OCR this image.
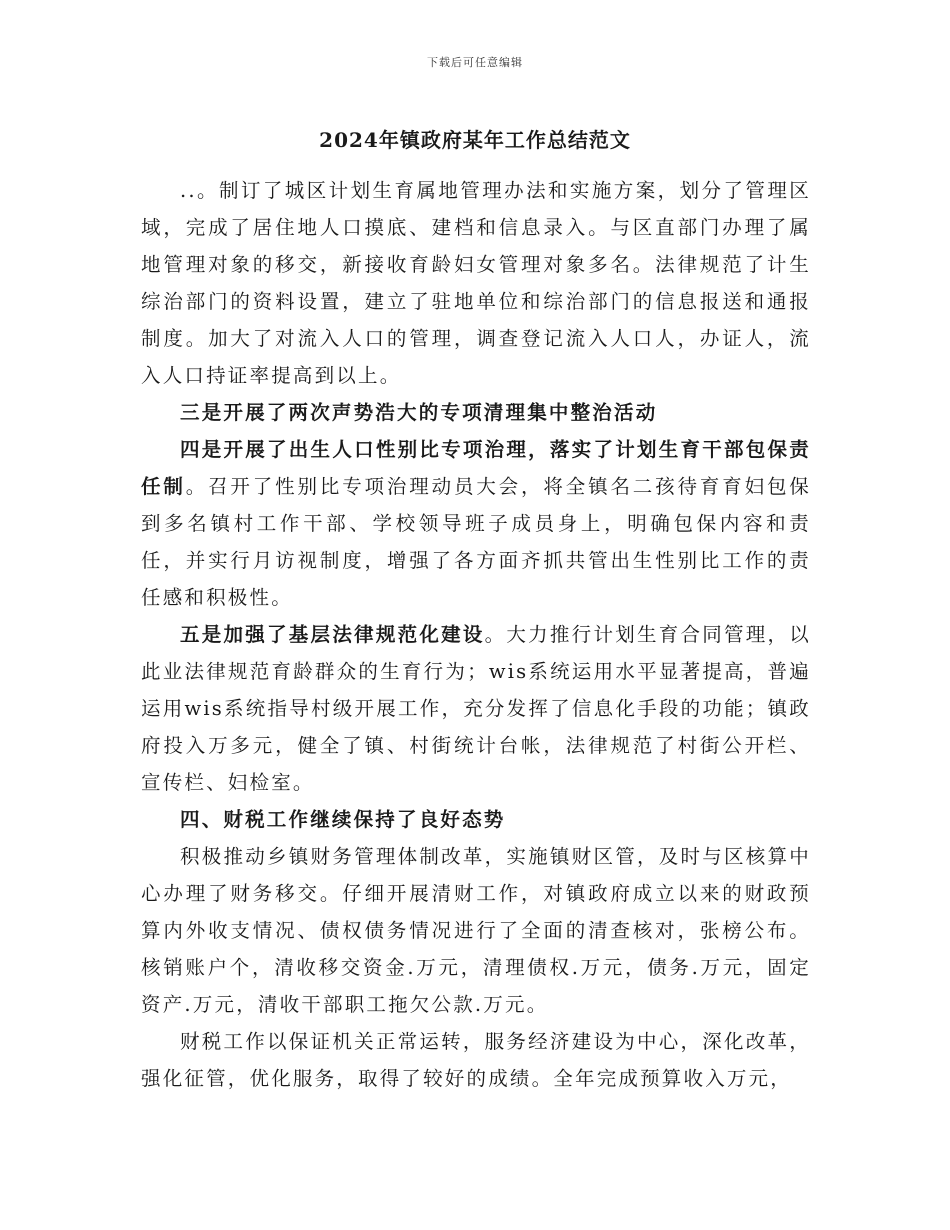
下载后可任意编辑
2024年镇政府某年工作总结范文

..。制订了城区计划生育属地管理办法和实施方案，划分了管理区域，完成了居住地人口摸底、建档和信息录入。与区直部门办理了属地管理对象的移交，新接收育龄妇女管理对象多名。法律规范了计生综治部门的资料设置，建立了驻地单位和综治部门的信息报送和通报制度。加大了对流入人口的管理，调查登记流入人口人，办证人，流入人口持证率提高到以上。

三是开展了两次声势浩大的专项清理集中整治活动

四是开展了出生人口性别比专项治理，落实了计划生育干部包保责任制。召开了性别比专项治理动员大会，将全镇名二孩待育育妇包保到多名镇村工作干部、学校领导班子成员身上，明确包保内容和责任，并实行月访视制度，增强了各方面齐抓共管出生性别比工作的责任感和积极性。

五是加强了基层法律规范化建设。大力推行计划生育合同管理，以此业法律规范育龄群众的生育行为；wis系统运用水平显著提高，普遍运用wis系统指导村级开展工作，充分发挥了信息化手段的功能；镇政府投入万多元，健全了镇、村街统计台帐，法律规范了村街公开栏、宣传栏、妇检室。

四、财税工作继续保持了良好态势

积极推动乡镇财务管理体制改革，实施镇财区管，及时与区核算中心办理了财务移交。仔细开展清财工作，对镇政府成立以来的财政预算内外收支情况、债权债务情况进行了全面的清查核对，张榜公布。核销账户个，清收移交资金.万元，清理债权.万元，债务.万元，固定资产.万元，清收干部职工拖欠公款.万元。

财税工作以保证机关正常运转，服务经济建设为中心，深化改革，强化征管，优化服务，取得了较好的成绩。全年完成预算收入万元，
